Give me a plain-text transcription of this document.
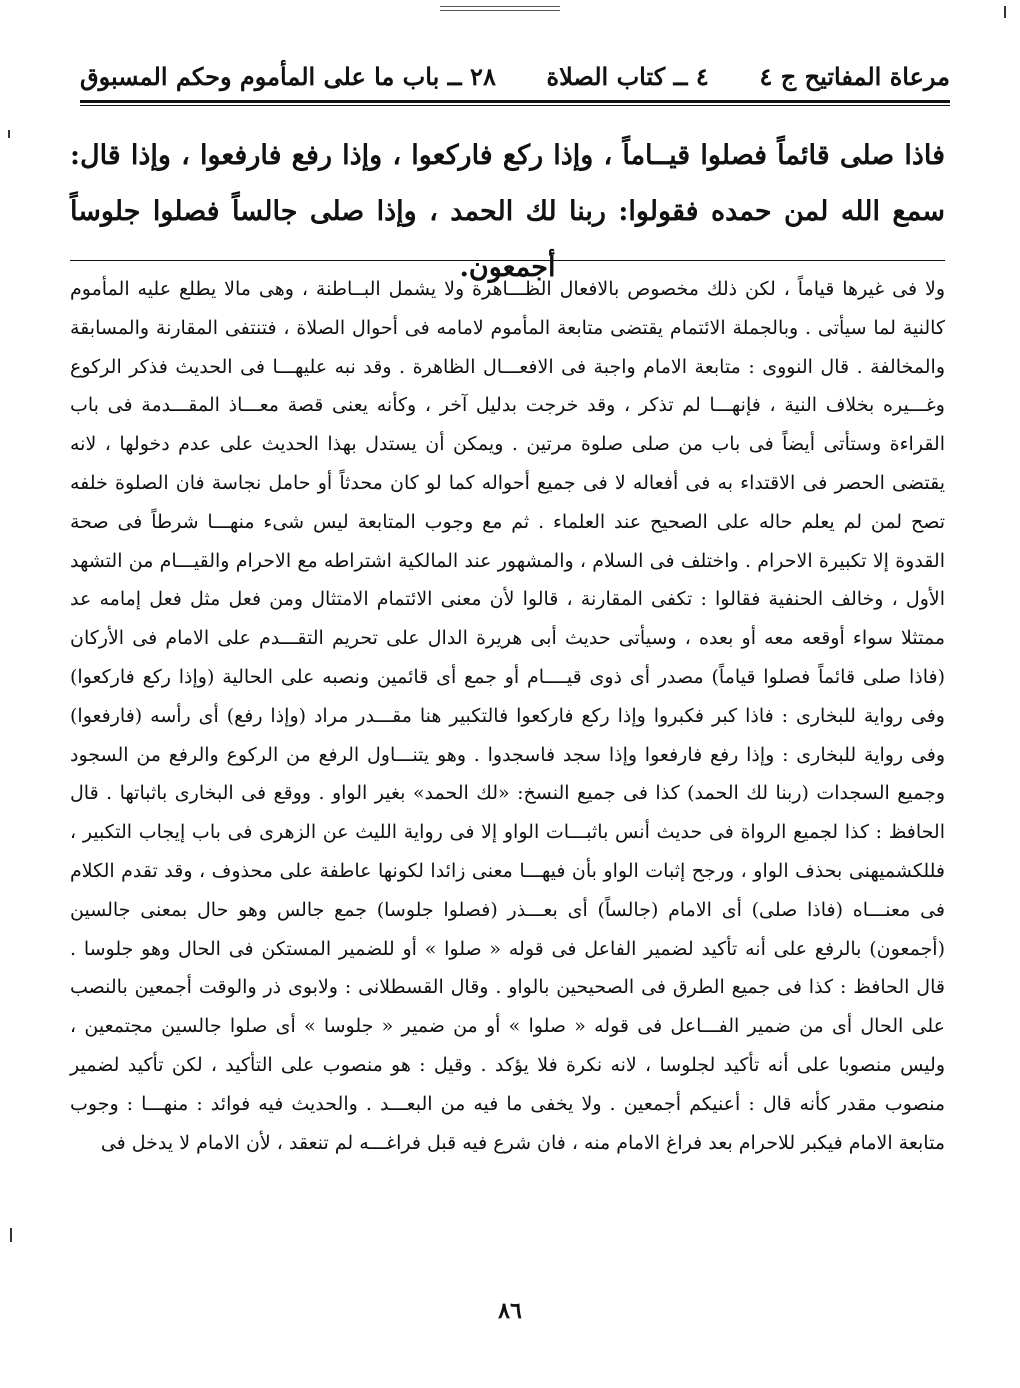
مرعاة المفاتيح ج ٤
٤ ــ كتاب الصلاة
٢٨ ــ باب ما على المأموم وحكم المسبوق
فاذا صلى قائماً فصلوا قيــاماً ، وإذا ركع فاركعوا ، وإذا رفع فارفعوا ، وإذا قال: سمع الله لمن حمده فقولوا: ربنا لك الحمد ، وإذا صلى جالساً فصلوا جلوساً أجمعون.

ولا فى غيرها قياماً ، لكن ذلك مخصوص بالافعال الظـــاهرة ولا يشمل البــاطنة ، وهى مالا يطلع عليه المأموم كالنية لما سيأتى . وبالجملة الائتمام يقتضى متابعة المأموم لامامه فى أحوال الصلاة ، فتنتفى المقارنة والمسابقة والمخالفة . قال النووى : متابعة الامام واجبة فى الافعـــال الظاهرة . وقد نبه عليهـــا فى الحديث فذكر الركوع وغـــيره بخلاف النية ، فإنهـــا لم تذكر ، وقد خرجت بدليل آخر ، وكأنه يعنى قصة معـــاذ المقـــدمة فى باب القراءة وستأتى أيضاً فى باب من صلى صلوة مرتين . ويمكن أن يستدل بهذا الحديث على عدم دخولها ، لانه يقتضى الحصر فى الاقتداء به فى أفعاله لا فى جميع أحواله كما لو كان محدثاً أو حامل نجاسة فان الصلوة خلفه تصح لمن لم يعلم حاله على الصحيح عند العلماء . ثم مع وجوب المتابعة ليس شىء منهـــا شرطاً فى صحة القدوة إلا تكبيرة الاحرام . واختلف فى السلام ، والمشهور عند المالكية اشتراطه مع الاحرام والقيـــام من التشهد الأول ، وخالف الحنفية فقالوا : تكفى المقارنة ، قالوا لأن معنى الائتمام الامتثال ومن فعل مثل فعل إمامه عد ممتثلا سواء أوقعه معه أو بعده ، وسيأتى حديث أبى هريرة الدال على تحريم التقـــدم على الامام فى الأركان (فاذا صلى قائماً فصلوا قياماً) مصدر أى ذوى قيــــام أو جمع أى قائمين ونصبه على الحالية (وإذا ركع فاركعوا) وفى رواية للبخارى : فاذا كبر فكبروا وإذا ركع فاركعوا فالتكبير هنا مقـــدر مراد (وإذا رفع) أى رأسه (فارفعوا) وفى رواية للبخارى : وإذا رفع فارفعوا وإذا سجد فاسجدوا . وهو يتنـــاول الرفع من الركوع والرفع من السجود وجميع السجدات (ربنا لك الحمد) كذا فى جميع النسخ: «لك الحمد» بغير الواو . ووقع فى البخارى باثباتها . قال الحافظ : كذا لجميع الرواة فى حديث أنس باثبـــات الواو إلا فى رواية الليث عن الزهرى فى باب إيجاب التكبير ، فللكشميهنى بحذف الواو ، ورجح إثبات الواو بأن فيهـــا معنى زائدا لكونها عاطفة على محذوف ، وقد تقدم الكلام فى معنـــاه (فاذا صلى) أى الامام (جالساً) أى بعـــذر (فصلوا جلوسا) جمع جالس وهو حال بمعنى جالسين (أجمعون) بالرفع على أنه تأكيد لضمير الفاعل فى قوله « صلوا » أو للضمير المستكن فى الحال وهو جلوسا . قال الحافظ : كذا فى جميع الطرق فى الصحيحين بالواو . وقال القسطلانى : ولابوى ذر والوقت أجمعين بالنصب على الحال أى من ضمير الفـــاعل فى قوله « صلوا » أو من ضمير « جلوسا » أى صلوا جالسين مجتمعين ، وليس منصوبا على أنه تأكيد لجلوسا ، لانه نكرة فلا يؤكد . وقيل : هو منصوب على التأكيد ، لكن تأكيد لضمير منصوب مقدر كأنه قال : أعنيكم أجمعين . ولا يخفى ما فيه من البعـــد . والحديث فيه فوائد : منهـــا : وجوب متابعة الامام فيكبر للاحرام بعد فراغ الامام منه ، فان شرع فيه قبل فراغـــه لم تنعقد ، لأن الامام لا يدخل فى

٨٦
